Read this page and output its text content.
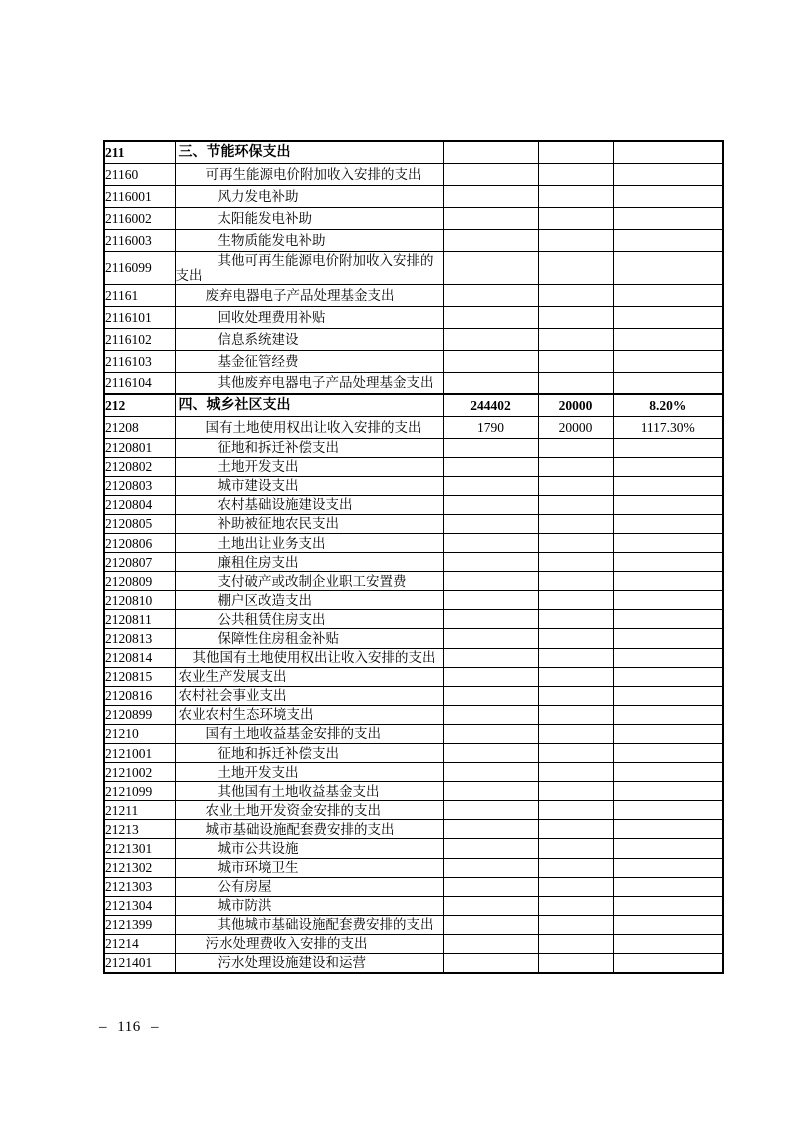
211	三、节能环保支出			
21160	可再生能源电价附加收入安排的支出			
2116001	风力发电补助			
2116002	太阳能发电补助			
2116003	生物质能发电补助			
2116099	其他可再生能源电价附加收入安排的支出			
21161	废弃电器电子产品处理基金支出			
2116101	回收处理费用补贴			
2116102	信息系统建设			
2116103	基金征管经费			
2116104	其他废弃电器电子产品处理基金支出			
212	四、城乡社区支出	244402	20000	8.20%
21208	国有土地使用权出让收入安排的支出	1790	20000	1117.30%
2120801	征地和拆迁补偿支出			
2120802	土地开发支出			
2120803	城市建设支出			
2120804	农村基础设施建设支出			
2120805	补助被征地农民支出			
2120806	土地出让业务支出			
2120807	廉租住房支出			
2120809	支付破产或改制企业职工安置费			
2120810	棚户区改造支出			
2120811	公共租赁住房支出			
2120813	保障性住房租金补贴			
2120814	其他国有土地使用权出让收入安排的支出			
2120815	农业生产发展支出			
2120816	农村社会事业支出			
2120899	农业农村生态环境支出			
21210	国有土地收益基金安排的支出			
2121001	征地和拆迁补偿支出			
2121002	土地开发支出			
2121099	其他国有土地收益基金支出			
21211	农业土地开发资金安排的支出			
21213	城市基础设施配套费安排的支出			
2121301	城市公共设施			
2121302	城市环境卫生			
2121303	公有房屋			
2121304	城市防洪			
2121399	其他城市基础设施配套费安排的支出			
21214	污水处理费收入安排的支出			
2121401	污水处理设施建设和运营			
– 116 –
